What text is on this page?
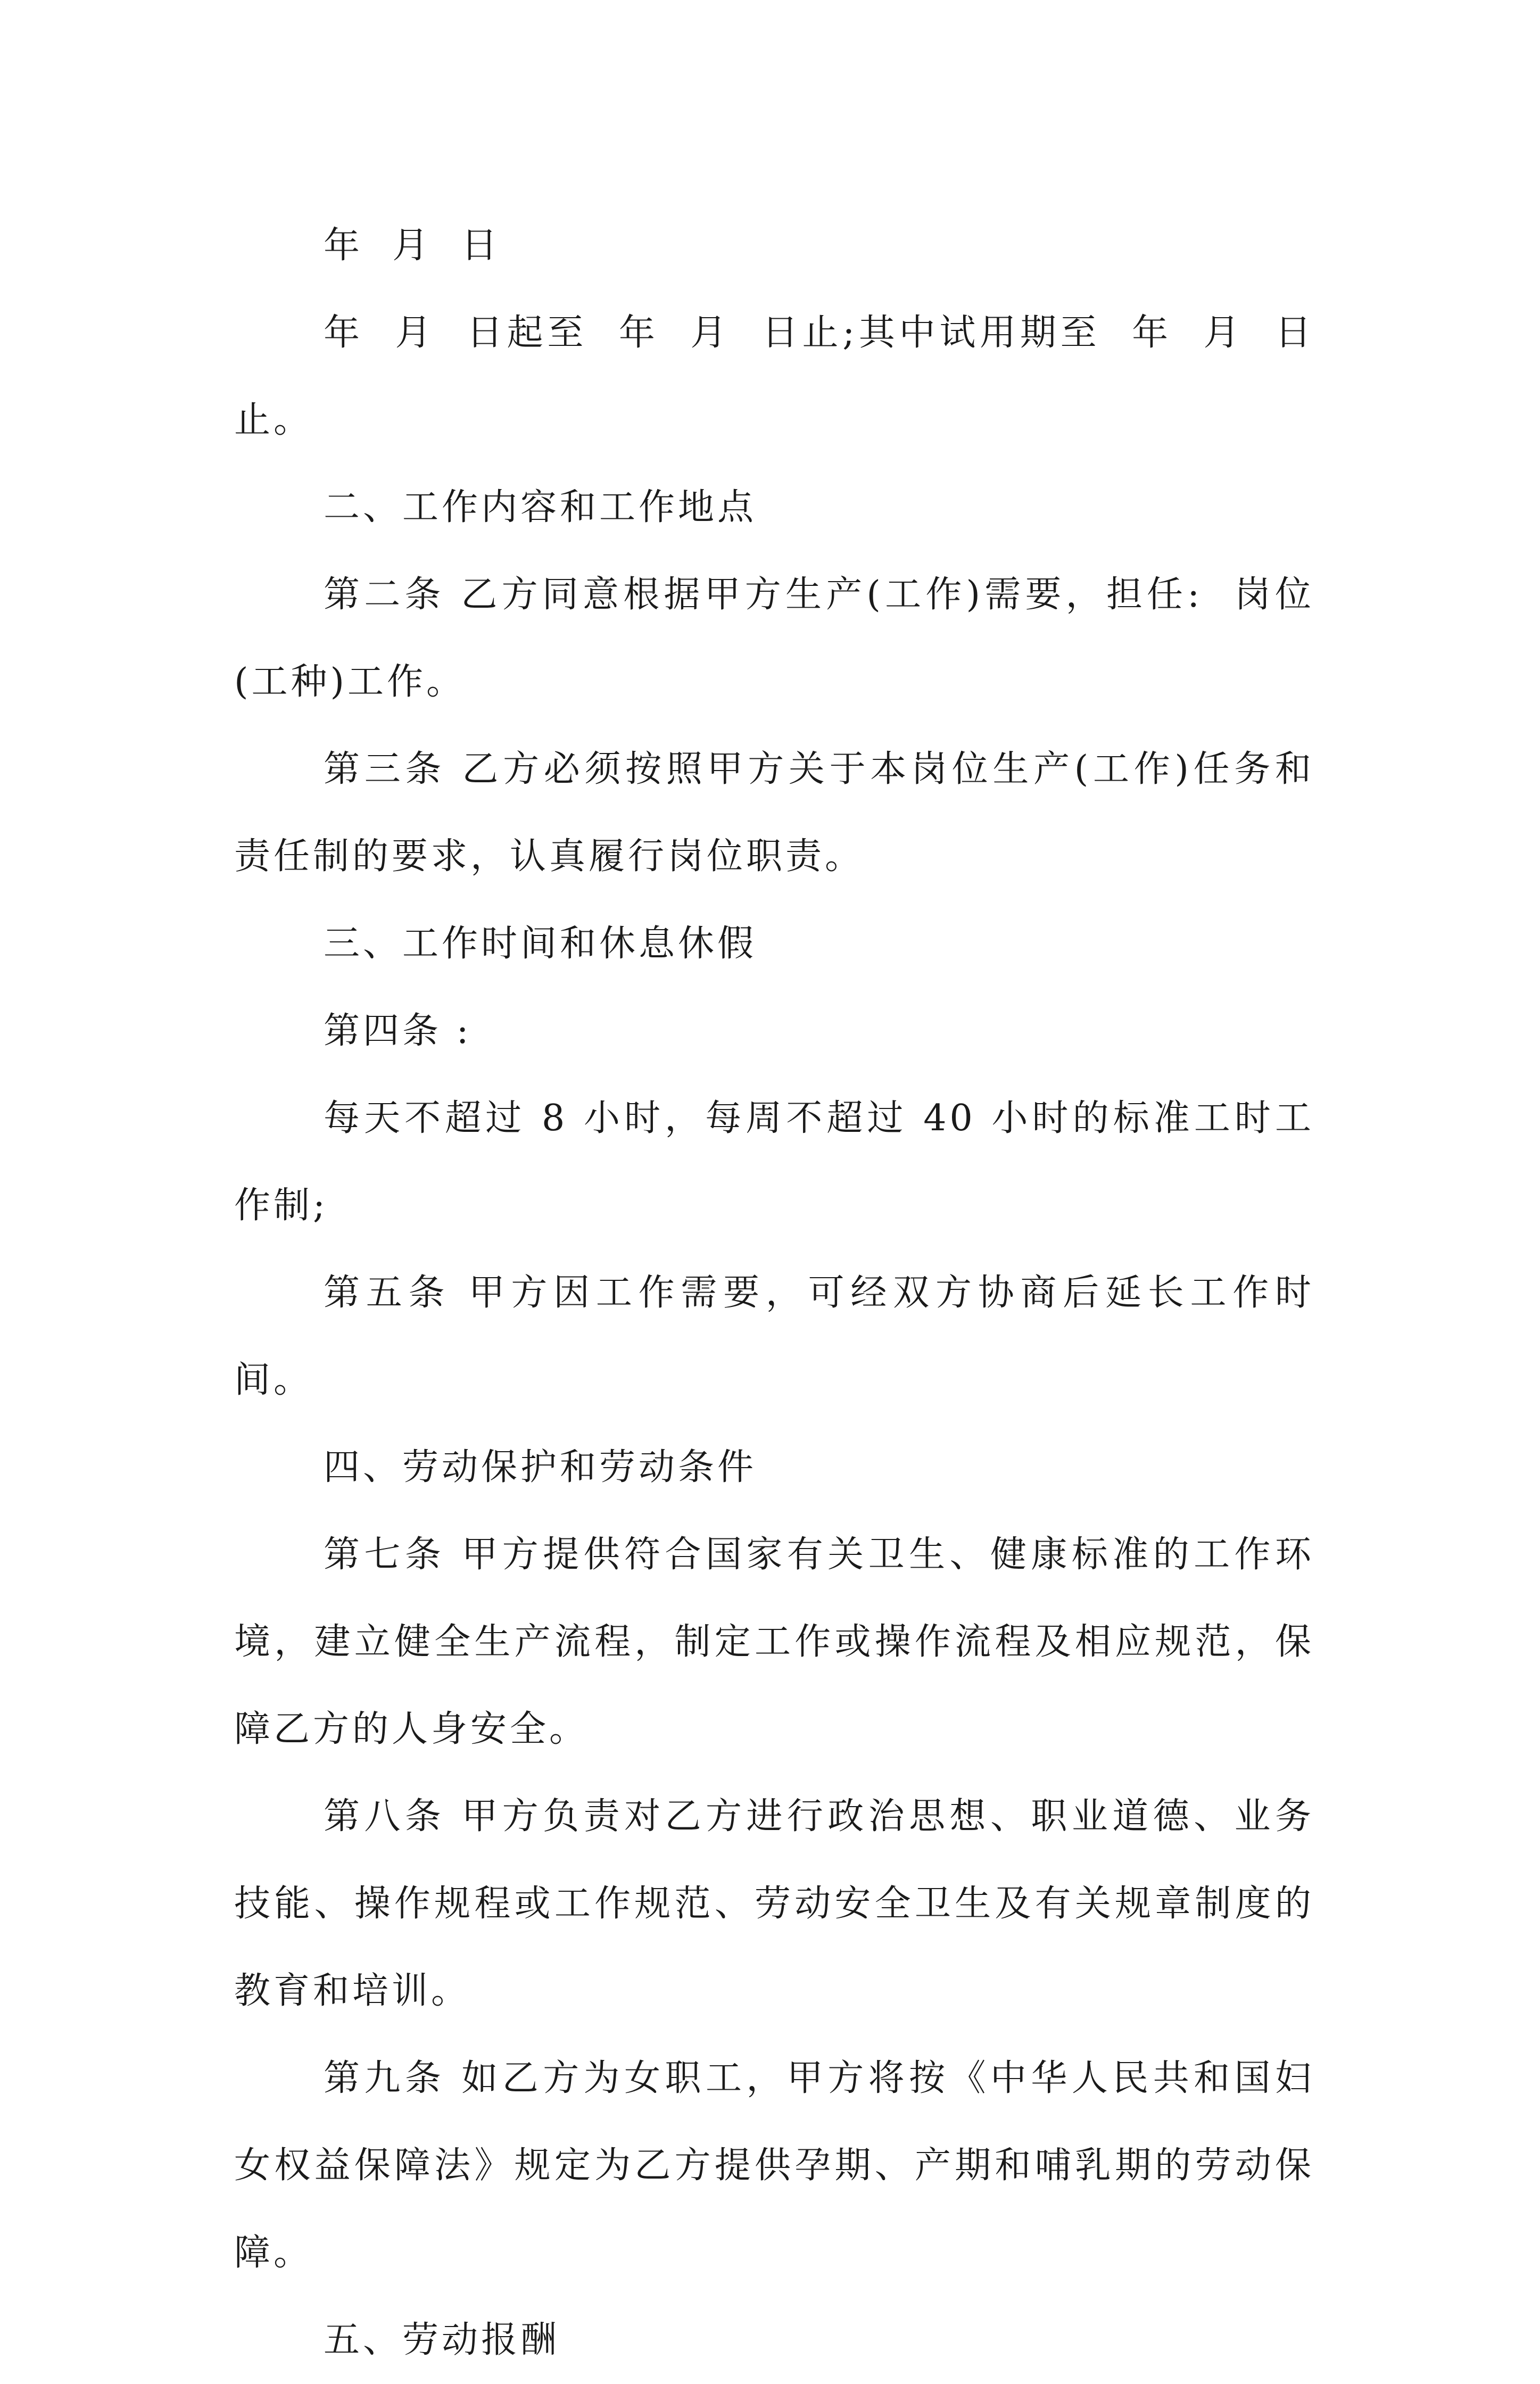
年  月  日

年  月  日起至  年  月  日止;其中试用期至  年  月  日止。

二、工作内容和工作地点

第二条 乙方同意根据甲方生产(工作)需要，担任:  岗位(工种)工作。

第三条 乙方必须按照甲方关于本岗位生产(工作)任务和责任制的要求，认真履行岗位职责。

三、工作时间和休息休假

第四条 :

每天不超过 8 小时，每周不超过 40 小时的标准工时工作制;

第五条 甲方因工作需要，可经双方协商后延长工作时间。

四、劳动保护和劳动条件

第七条 甲方提供符合国家有关卫生、健康标准的工作环境，建立健全生产流程，制定工作或操作流程及相应规范，保障乙方的人身安全。

第八条 甲方负责对乙方进行政治思想、职业道德、业务技能、操作规程或工作规范、劳动安全卫生及有关规章制度的教育和培训。

第九条 如乙方为女职工，甲方将按《中华人民共和国妇女权益保障法》规定为乙方提供孕期、产期和哺乳期的劳动保障。

五、劳动报酬
